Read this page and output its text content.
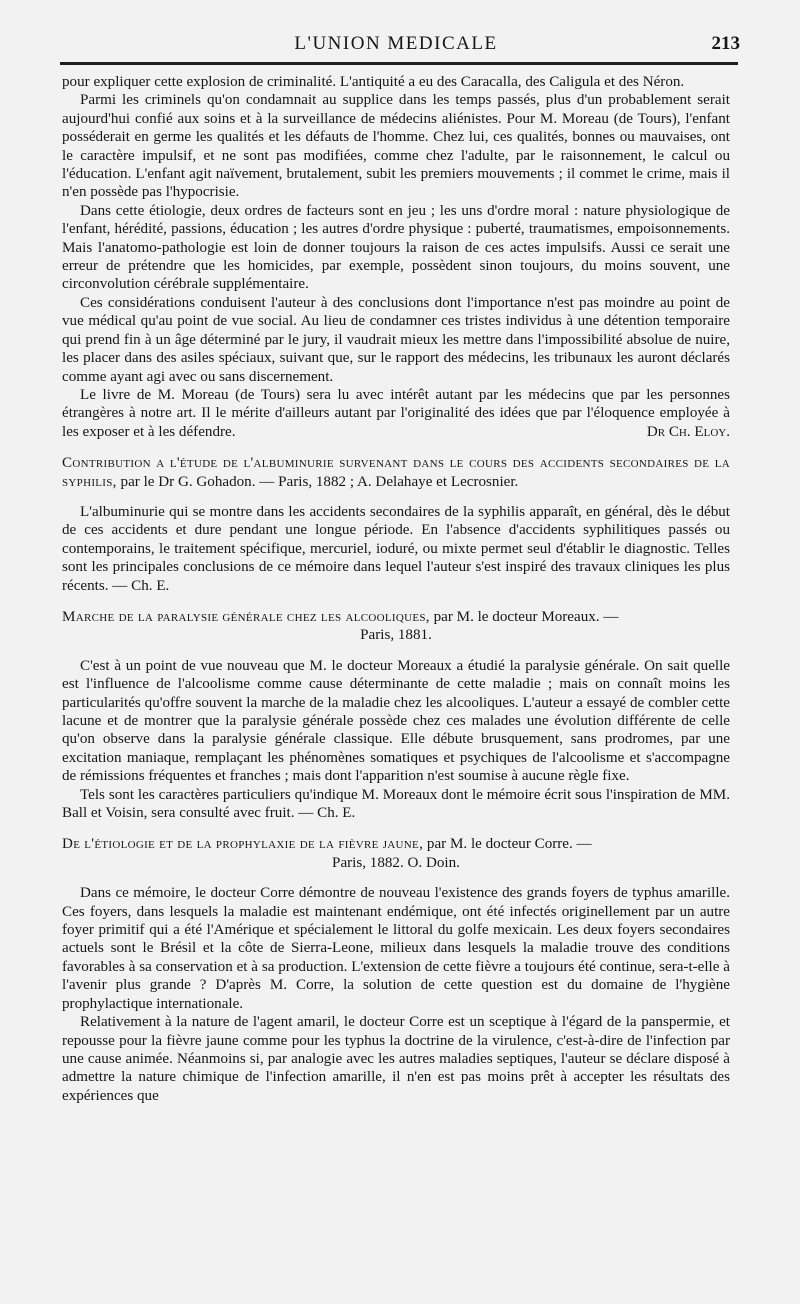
L'UNION MEDICALE	213

pour expliquer cette explosion de criminalité. L'antiquité a eu des Caracalla, des Caligula et des Néron.

Parmi les criminels qu'on condamnait au supplice dans les temps passés, plus d'un probablement serait aujourd'hui confié aux soins et à la surveillance de médecins aliénistes. Pour M. Moreau (de Tours), l'enfant posséderait en germe les qualités et les défauts de l'homme. Chez lui, ces qualités, bonnes ou mauvaises, ont le caractère impulsif, et ne sont pas modifiées, comme chez l'adulte, par le raisonnement, le calcul ou l'éducation. L'enfant agit naïvement, brutalement, subit les premiers mouvements ; il commet le crime, mais il n'en possède pas l'hypocrisie.

Dans cette étiologie, deux ordres de facteurs sont en jeu ; les uns d'ordre moral : nature physiologique de l'enfant, hérédité, passions, éducation ; les autres d'ordre physique : puberté, traumatismes, empoisonnements. Mais l'anatomo-pathologie est loin de donner toujours la raison de ces actes impulsifs. Aussi ce serait une erreur de prétendre que les homicides, par exemple, possèdent sinon toujours, du moins souvent, une circonvolution cérébrale supplémentaire.

Ces considérations conduisent l'auteur à des conclusions dont l'importance n'est pas moindre au point de vue médical qu'au point de vue social. Au lieu de condamner ces tristes individus à une détention temporaire qui prend fin à un âge déterminé par le jury, il vaudrait mieux les mettre dans l'impossibilité absolue de nuire, les placer dans des asiles spéciaux, suivant que, sur le rapport des médecins, les tribunaux les auront déclarés comme ayant agi avec ou sans discernement.

Le livre de M. Moreau (de Tours) sera lu avec intérêt autant par les médecins que par les personnes étrangères à notre art. Il le mérite d'ailleurs autant par l'originalité des idées que par l'éloquence employée à les exposer et à les défendre.	Dr Ch. Eloy.

Contribution a l'étude de l'albuminurie survenant dans le cours des accidents secondaires de la syphilis, par le Dr G. Gohadon. — Paris, 1882 ; A. Delahaye et Lecrosnier.

L'albuminurie qui se montre dans les accidents secondaires de la syphilis apparaît, en général, dès le début de ces accidents et dure pendant une longue période. En l'absence d'accidents syphilitiques passés ou contemporains, le traitement spécifique, mercuriel, ioduré, ou mixte permet seul d'établir le diagnostic. Telles sont les principales conclusions de ce mémoire dans lequel l'auteur s'est inspiré des travaux cliniques les plus récents. — Ch. E.

Marche de la paralysie générale chez les alcooliques, par M. le docteur Moreaux. —
Paris, 1881.

C'est à un point de vue nouveau que M. le docteur Moreaux a étudié la paralysie générale. On sait quelle est l'influence de l'alcoolisme comme cause déterminante de cette maladie ; mais on connaît moins les particularités qu'offre souvent la marche de la maladie chez les alcooliques. L'auteur a essayé de combler cette lacune et de montrer que la paralysie générale possède chez ces malades une évolution différente de celle qu'on observe dans la paralysie générale classique. Elle débute brusquement, sans prodromes, par une excitation maniaque, remplaçant les phénomènes somatiques et psychiques de l'alcoolisme et s'accompagne de rémissions fréquentes et franches ; mais dont l'apparition n'est soumise à aucune règle fixe.

Tels sont les caractères particuliers qu'indique M. Moreaux dont le mémoire écrit sous l'inspiration de MM. Ball et Voisin, sera consulté avec fruit. — Ch. E.

De l'étiologie et de la prophylaxie de la fièvre jaune, par M. le docteur Corre. —
Paris, 1882. O. Doin.

Dans ce mémoire, le docteur Corre démontre de nouveau l'existence des grands foyers de typhus amarille. Ces foyers, dans lesquels la maladie est maintenant endémique, ont été infectés originellement par un autre foyer primitif qui a été l'Amérique et spécialement le littoral du golfe mexicain. Les deux foyers secondaires actuels sont le Brésil et la côte de Sierra-Leone, milieux dans lesquels la maladie trouve des conditions favorables à sa conservation et à sa production. L'extension de cette fièvre a toujours été continue, sera-t-elle à l'avenir plus grande ? D'après M. Corre, la solution de cette question est du domaine de l'hygiène prophylactique internationale.

Relativement à la nature de l'agent amaril, le docteur Corre est un sceptique à l'égard de la panspermie, et repousse pour la fièvre jaune comme pour les typhus la doctrine de la virulence, c'est-à-dire de l'infection par une cause animée. Néanmoins si, par analogie avec les autres maladies septiques, l'auteur se déclare disposé à admettre la nature chimique de l'infection amarille, il n'en est pas moins prêt à accepter les résultats des expériences que
